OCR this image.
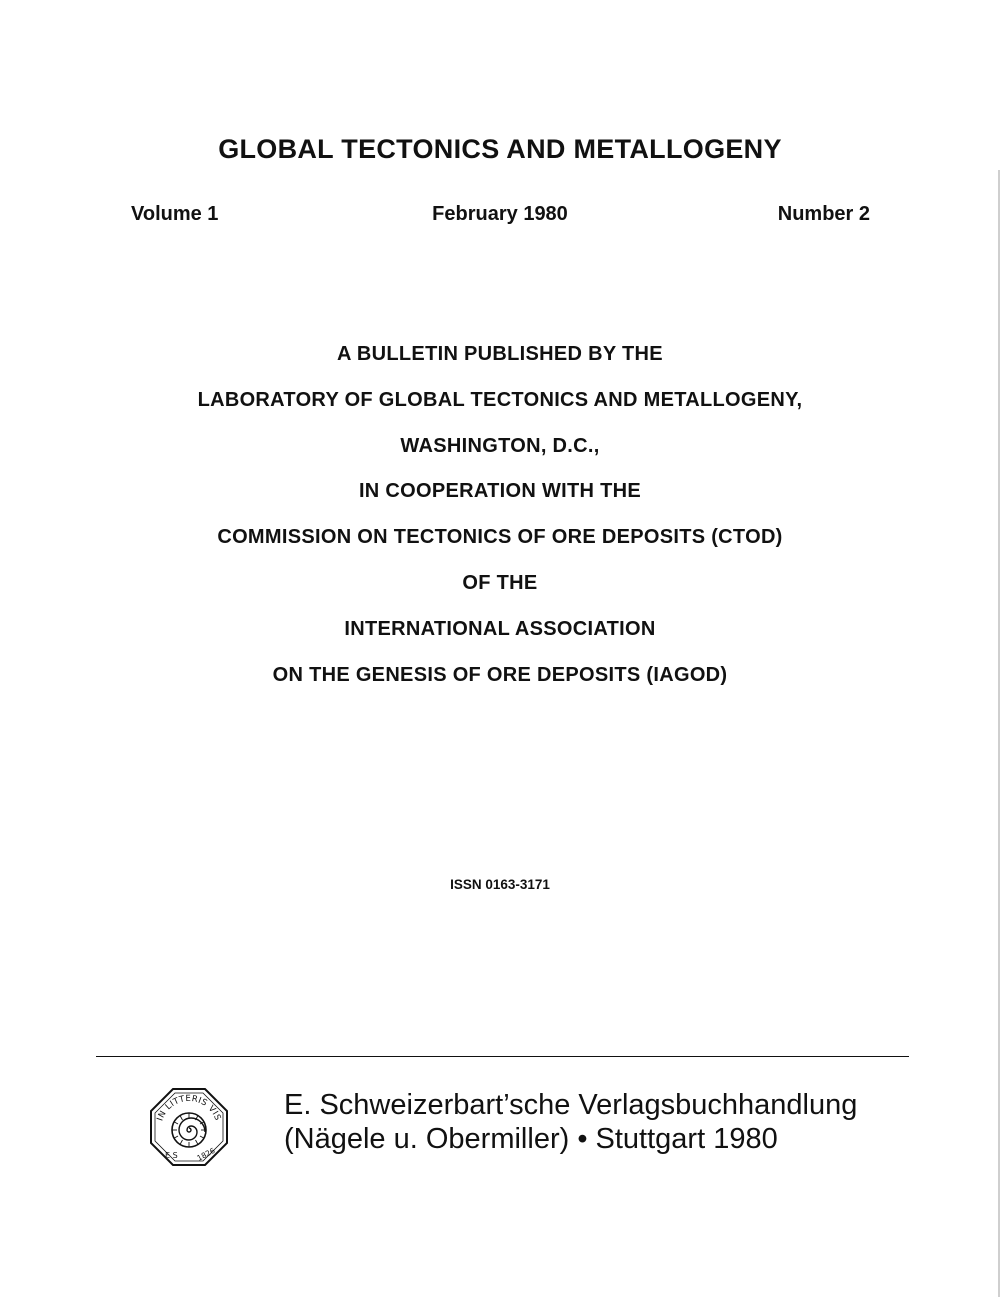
GLOBAL TECTONICS AND METALLOGENY
Volume 1	February 1980	Number 2
A BULLETIN PUBLISHED BY THE
LABORATORY OF GLOBAL TECTONICS AND METALLOGENY,
WASHINGTON, D.C.,
IN COOPERATION WITH THE
COMMISSION ON TECTONICS OF ORE DEPOSITS (CTOD)
OF THE
INTERNATIONAL ASSOCIATION
ON THE GENESIS OF ORE DEPOSITS (IAGOD)
ISSN 0163-3171
IN LITTERIS VIS
E S 1826
E. Schweizerbart’sche Verlagsbuchhandlung
(Nägele u. Obermiller) • Stuttgart 1980
